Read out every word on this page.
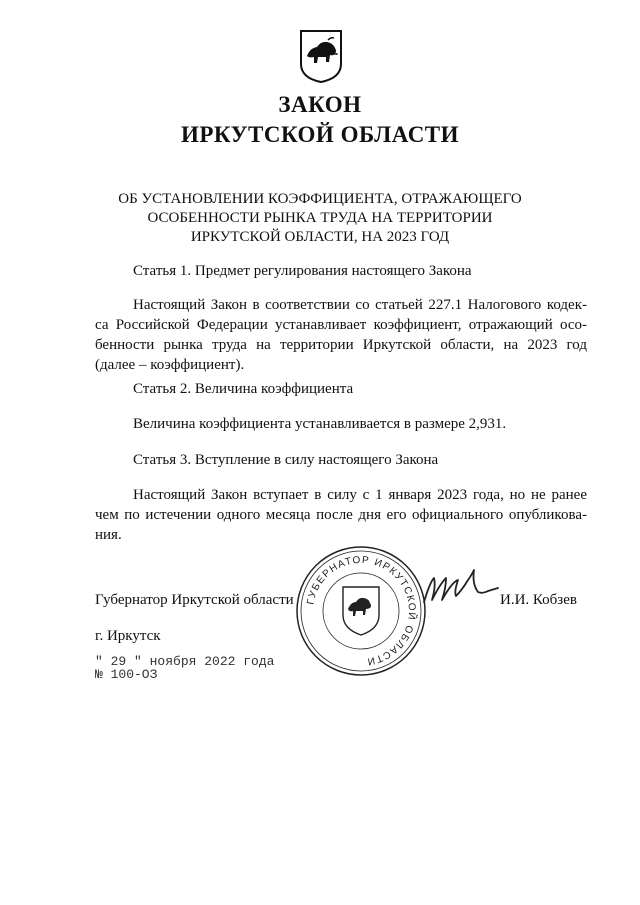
ЗАКОН
ИРКУТСКОЙ ОБЛАСТИ
ОБ УСТАНОВЛЕНИИ КОЭФФИЦИЕНТА, ОТРАЖАЮЩЕГО
ОСОБЕННОСТИ РЫНКА ТРУДА НА ТЕРРИТОРИИ
ИРКУТСКОЙ ОБЛАСТИ, НА 2023 ГОД
Статья 1. Предмет регулирования настоящего Закона
Настоящий Закон в соответствии со статьей 227.1 Налогового кодек-
са Российской Федерации устанавливает коэффициент, отражающий осо-
бенности рынка труда на территории Иркутской области, на 2023 год
(далее – коэффициент).
Статья 2. Величина коэффициента
Величина коэффициента устанавливается в размере 2,931.
Статья 3. Вступление в силу настоящего Закона
Настоящий Закон вступает в силу с 1 января 2023 года, но не ранее
чем по истечении одного месяца после дня его официального опубликова-
ния.
ГУБЕРНАТОР ИРКУТСКОЙ ОБЛАСТИ
Губернатор Иркутской области	И.И. Кобзев
г. Иркутск
" 29 " ноября 2022 года
№ 100-ОЗ
